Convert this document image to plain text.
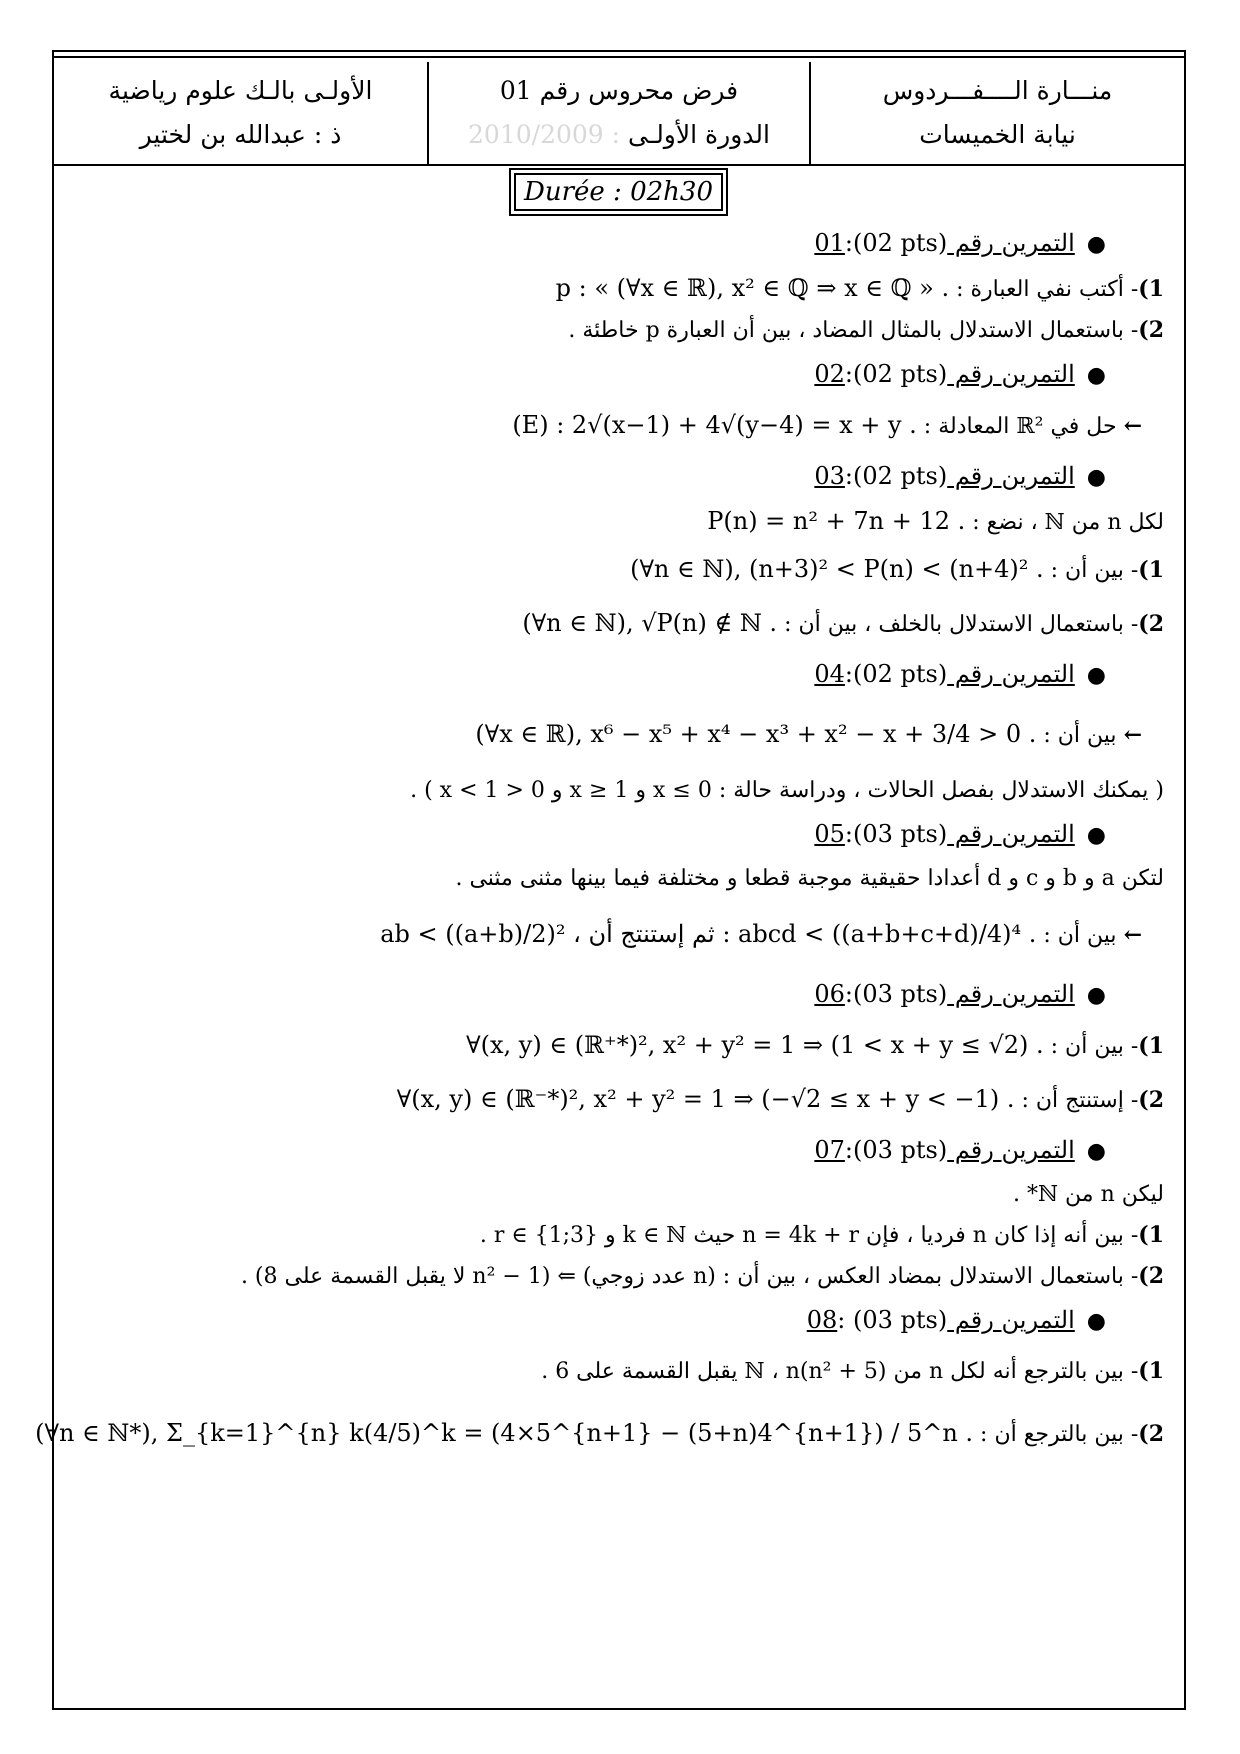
منـــارة الــــفـــردوس
نيابة الخميسات
فرض محروس رقم 01
الدورة الأولـى : 2010/2009
الأولـى بالـك علوم رياضية
ذ : عبدالله بن لختير
Durée : 02h30
●التمرين رقم 01:(02 pts)
1)- أكتب نفي العبارة : p : « (∀x ∈ ℝ), x² ∈ ℚ ⇒ x ∈ ℚ » .
2)- باستعمال الاستدلال بالمثال المضاد ، بين أن العبارة p خاطئة .
●التمرين رقم 02:(02 pts)
← حل في ℝ² المعادلة : (E) : 2√(x−1) + 4√(y−4) = x + y .
●التمرين رقم 03:(02 pts)
لكل n من ℕ ، نضع : P(n) = n² + 7n + 12 .
1)- بين أن : (∀n ∈ ℕ), (n+3)² < P(n) < (n+4)² .
2)- باستعمال الاستدلال بالخلف ، بين أن : (∀n ∈ ℕ), √P(n) ∉ ℕ .
●التمرين رقم 04:(02 pts)
← بين أن : (∀x ∈ ℝ), x⁶ − x⁵ + x⁴ − x³ + x² − x + 3/4 > 0 .
( يمكنك الاستدلال بفصل الحالات ، ودراسة حالة : x ≤ 0 و x ≥ 1 و 0 < x < 1 ) .
●التمرين رقم 05:(03 pts)
لتكن a و b و c و d أعدادا حقيقية موجبة قطعا و مختلفة فيما بينها مثنى مثنى .
← بين أن : ab < ((a+b)/2)² ، ثم إستنتج أن : abcd < ((a+b+c+d)/4)⁴ .
●التمرين رقم 06:(03 pts)
1)- بين أن : ∀(x, y) ∈ (ℝ⁺*)², x² + y² = 1 ⇒ (1 < x + y ≤ √2) .
2)- إستنتج أن : ∀(x, y) ∈ (ℝ⁻*)², x² + y² = 1 ⇒ (−√2 ≤ x + y < −1) .
●التمرين رقم 07:(03 pts)
ليكن n من ℕ* .
1)- بين أنه إذا كان n فرديا ، فإن n = 4k + r حيث k ∈ ℕ و r ∈ {1;3} .
2)- باستعمال الاستدلال بمضاد العكس ، بين أن : (n عدد زوجي) ⇐ (n² − 1 لا يقبل القسمة على 8) .
●التمرين رقم 08: (03 pts)
1)- بين بالترجع أنه لكل n من ℕ ، n(n² + 5) يقبل القسمة على 6 .
2)- بين بالترجع أن : (∀n ∈ ℕ*), Σ_{k=1}^{n} k(4/5)^k = (4×5^{n+1} − (5+n)4^{n+1}) / 5^n .
